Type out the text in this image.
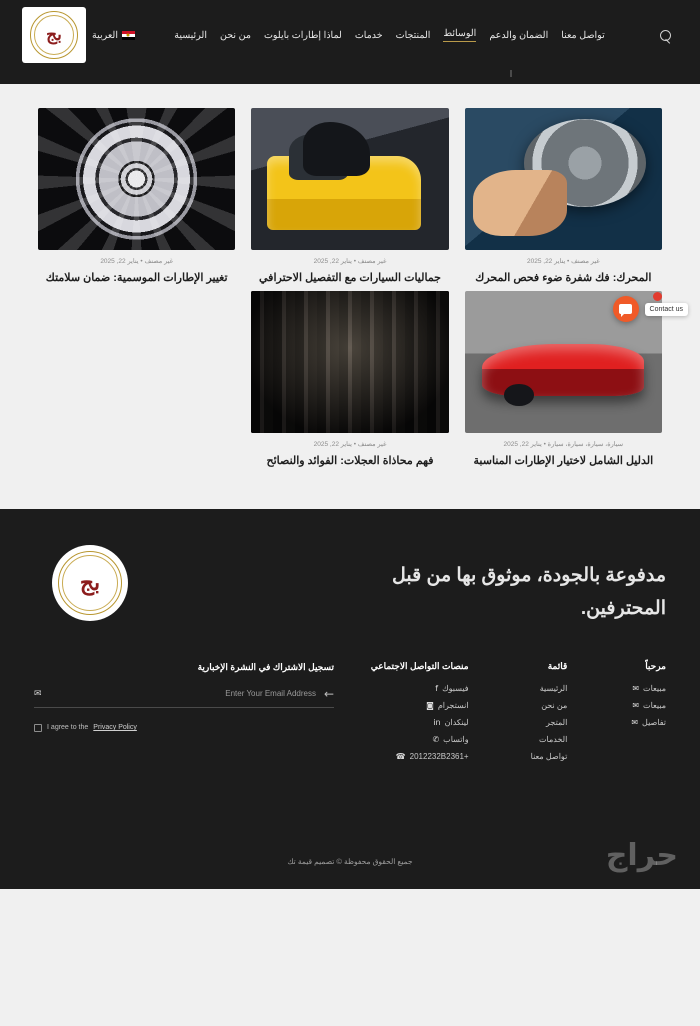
تواصل معنا
الضمان والدعم
الوسائط
المنتجات
خدمات
لماذا إطارات بايلوت
من نحن
الرئيسية
العربية
بج
غير مصنف • يناير 22, 2025
المحرك: فك شفرة ضوء فحص المحرك
غير مصنف • يناير 22, 2025
جماليات السيارات مع التفصيل الاحترافي
غير مصنف • يناير 22, 2025
تغيير الإطارات الموسمية: ضمان سلامتك
سيارة، سيارة، سيارة، سيارة • يناير 22, 2025
الدليل الشامل لاختيار الإطارات المناسبة
غير مصنف • يناير 22, 2025
فهم محاذاة العجلات: الفوائد والنصائح
Contact us
مدفوعة بالجودة، موثوق بها من قبل المحترفين.
بج
مرحباً
مبيعات
✉
مبيعات
✉
تفاصيل
✉
قائمة
الرئيسية
من نحن
المتجر
الخدمات
تواصل معنا
منصات التواصل الاجتماعي
فيسبوك
f
انستجرام
◙
لينكدان
in
واتساب
✆
+2012232B2361
☎
تسجيل الاشتراك في النشرة الإخبارية
←
Enter Your Email Address
✉
I agree to the Privacy Policy
جميع الحقوق محفوظة © تصميم قيمة تك	حراج
